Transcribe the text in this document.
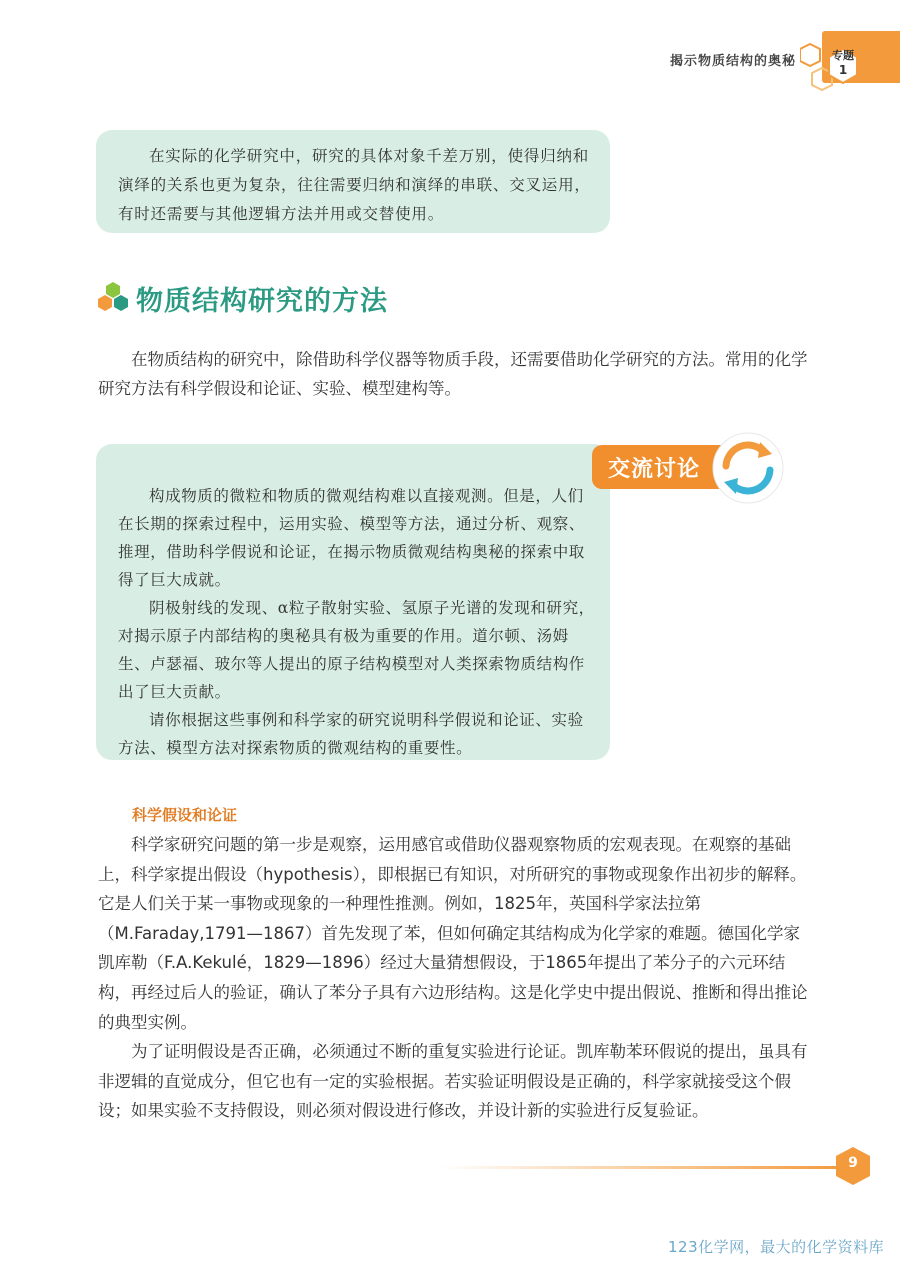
揭示物质结构的奥秘	专题
1
在实际的化学研究中，研究的具体对象千差万别，使得归纳和演绎的关系也更为复杂，往往需要归纳和演绎的串联、交叉运用，有时还需要与其他逻辑方法并用或交替使用。
物质结构研究的方法
在物质结构的研究中，除借助科学仪器等物质手段，还需要借助化学研究的方法。常用的化学研究方法有科学假设和论证、实验、模型建构等。
交流讨论

构成物质的微粒和物质的微观结构难以直接观测。但是，人们在长期的探索过程中，运用实验、模型等方法，通过分析、观察、推理，借助科学假说和论证，在揭示物质微观结构奥秘的探索中取得了巨大成就。

阴极射线的发现、α粒子散射实验、氢原子光谱的发现和研究，对揭示原子内部结构的奥秘具有极为重要的作用。道尔顿、汤姆生、卢瑟福、玻尔等人提出的原子结构模型对人类探索物质结构作出了巨大贡献。

请你根据这些事例和科学家的研究说明科学假说和论证、实验方法、模型方法对探索物质的微观结构的重要性。

科学假设和论证

科学家研究问题的第一步是观察，运用感官或借助仪器观察物质的宏观表现。在观察的基础上，科学家提出假设（hypothesis），即根据已有知识，对所研究的事物或现象作出初步的解释。它是人们关于某一事物或现象的一种理性推测。例如，1825年，英国科学家法拉第（M.Faraday,1791—1867）首先发现了苯，但如何确定其结构成为化学家的难题。德国化学家凯库勒（F.A.Kekulé，1829—1896）经过大量猜想假设，于1865年提出了苯分子的六元环结构，再经过后人的验证，确认了苯分子具有六边形结构。这是化学史中提出假说、推断和得出推论的典型实例。

为了证明假设是否正确，必须通过不断的重复实验进行论证。凯库勒苯环假说的提出，虽具有非逻辑的直觉成分，但它也有一定的实验根据。若实验证明假设是正确的，科学家就接受这个假设；如果实验不支持假设，则必须对假设进行修改，并设计新的实验进行反复验证。

9
123化学网，最大的化学资料库
